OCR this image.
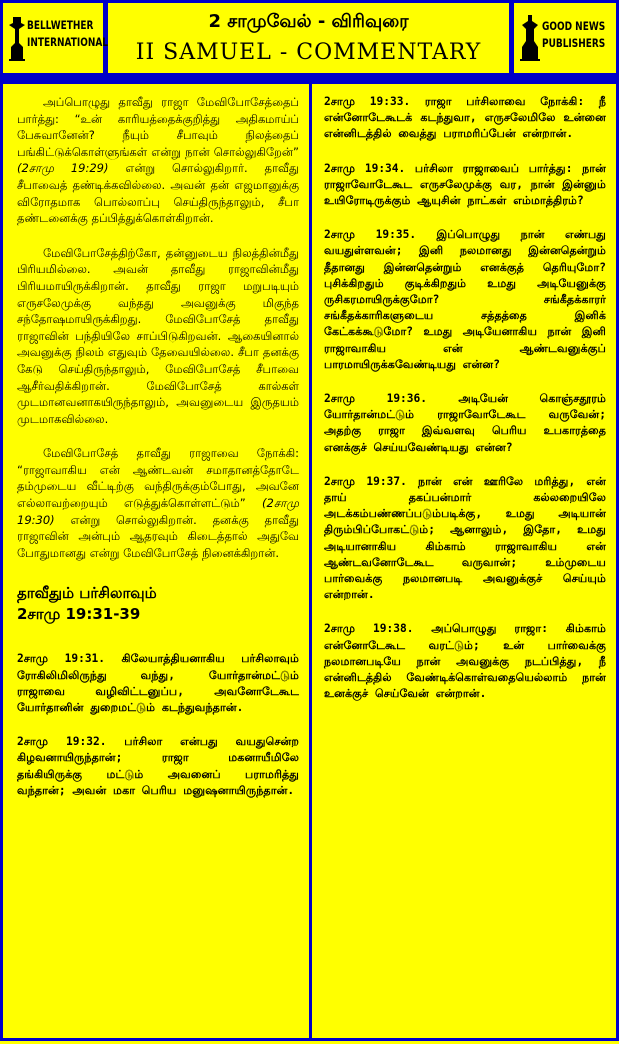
BELLWETHER
INTERNATIONAL
2 சாமுவேல் - விரிவுரை
II SAMUEL - COMMENTARY
GOOD NEWS
PUBLISHERS

அப்பொழுது தாவீது ராஜா மேவிபோசேத்தைப் பார்த்து: “உன் காரியத்தைக்குறித்து அதிகமாய்ப் பேசுவானேன்? நீயும் சீபாவும் நிலத்தைப் பங்கிட்டுக்கொள்ளுங்கள் என்று நான் சொல்லுகிறேன்” (2சாமு 19:29) என்று சொல்லுகிறார். தாவீது சீபாவைத் தண்டிக்கவில்லை. அவன் தன் எஜமானுக்கு விரோதமாக பொல்லாப்பு செய்திருந்தாலும், சீபா தண்டனைக்கு தப்பித்துக்கொள்கிறான்.

மேவிபோசேத்திற்கோ, தன்னுடைய நிலத்தின்மீது பிரியமில்லை. அவன் தாவீது ராஜாவின்மீது பிரியமாயிருக்கிறான். தாவீது ராஜா மறுபடியும் எருசலேமுக்கு வந்தது அவனுக்கு மிகுந்த சந்தோஷமாயிருக்கிறது. மேவிபோசேத் தாவீது ராஜாவின் பந்தியிலே சாப்பிடுகிறவன். ஆகையினால் அவனுக்கு நிலம் எதுவும் தேவையில்லை. சீபா தனக்கு கேடு செய்திருந்தாலும், மேவிபோசேத் சீபாவை ஆசீர்வதிக்கிறான். மேவிபோசேத் கால்கள் முடமானவனாகயிருந்தாலும், அவனுடைய இருதயம் முடமாகவில்லை.

மேவிபோசேத் தாவீது ராஜாவை நோக்கி: “ராஜாவாகிய என் ஆண்டவன் சமாதானத்தோடே தம்முடைய வீட்டிற்கு வந்திருக்கும்போது, அவனே எல்லாவற்றையும் எடுத்துக்கொள்ளட்டும்” (2சாமு 19:30) என்று சொல்லுகிறான். தனக்கு தாவீது ராஜாவின் அன்பும் ஆதரவும் கிடைத்தால் அதுவே போதுமானது என்று மேவிபோசேத் நினைக்கிறான்.

தாவீதும் பர்சிலாவும்
2சாமு 19:31-39

2சாமு 19:31. கிலேயாத்தியனாகிய பர்சிலாவும் ரோகிலிமிலிருந்து வந்து, யோர்தான்மட்டும் ராஜாவை வழிவிட்டனுப்ப, அவனோடேகூட யோர்தானின் துறைமட்டும் கடந்துவந்தான்.

2சாமு 19:32. பர்சிலா என்பது வயதுசென்ற கிழவனாயிருந்தான்; ராஜா மகனாயீமிலே தங்கியிருக்கு மட்டும் அவனைப் பராமரித்து வந்தான்; அவன் மகா பெரிய மனுஷனாயிருந்தான்.

2சாமு 19:33. ராஜா பர்சிலாவை நோக்கி: நீ என்னோடேகூடக் கடந்துவா, எருசலேமிலே உன்னை என்னிடத்தில் வைத்து பராமரிப்பேன் என்றான்.

2சாமு 19:34. பர்சிலா ராஜாவைப் பார்த்து: நான் ராஜாவோடேகூட எருசலேமுக்கு வர, நான் இன்னும் உயிரோடிருக்கும் ஆயுசின் நாட்கள் எம்மாத்திரம்?

2சாமு 19:35. இப்பொழுது நான் எண்பது வயதுள்ளவன்; இனி நலமானது இன்னதென்றும் தீதானது இன்னதென்றும் எனக்குத் தெரியுமோ? புசிக்கிறதும் குடிக்கிறதும் உமது அடியேனுக்கு ருசிகரமாயிருக்குமோ? சங்கீதக்காரர் சங்கீதக்காரிகளுடைய சத்தத்தை இனிக் கேட்கக்கூடுமோ? உமது அடியேனாகிய நான் இனி ராஜாவாகிய என் ஆண்டவனுக்குப் பாரமாயிருக்கவேண்டியது என்ன?

2சாமு 19:36. அடியேன் கொஞ்சதூரம் யோர்தான்மட்டும் ராஜாவோடேகூட வருவேன்; அதற்கு ராஜா இவ்வளவு பெரிய உபகாரத்தை எனக்குச் செய்யவேண்டியது என்ன?

2சாமு 19:37. நான் என் ஊரிலே மரித்து, என் தாய் தகப்பன்மார் கல்லறையிலே அடக்கம்பண்ணப்படும்படிக்கு, உமது அடியான் திரும்பிப்போகட்டும்; ஆனாலும், இதோ, உமது அடியானாகிய கிம்காம் ராஜாவாகிய என் ஆண்டவனோடேகூட வருவான்; உம்முடைய பார்வைக்கு நலமானபடி அவனுக்குச் செய்யும் என்றான்.

2சாமு 19:38. அப்பொழுது ராஜா: கிம்காம் என்னோடேகூட வரட்டும்; உன் பார்வைக்கு நலமானபடியே நான் அவனுக்கு நடப்பித்து, நீ என்னிடத்தில் வேண்டிக்கொள்வதையெல்லாம் நான் உனக்குச் செய்வேன் என்றான்.
